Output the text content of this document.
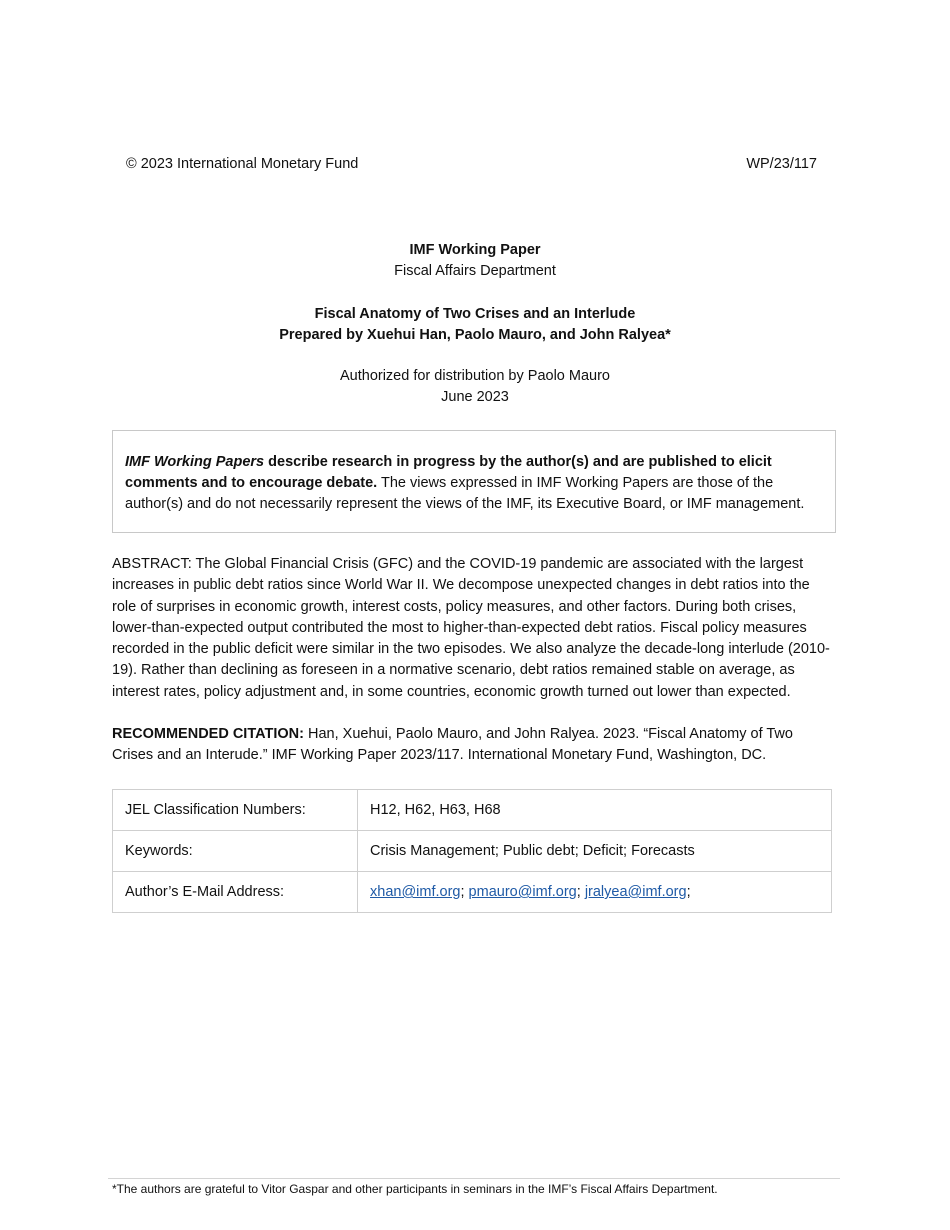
© 2023 International Monetary Fund	WP/23/117
IMF Working Paper
Fiscal Affairs Department
Fiscal Anatomy of Two Crises and an Interlude
Prepared by Xuehui Han, Paolo Mauro, and John Ralyea*
Authorized for distribution by Paolo Mauro
June 2023
IMF Working Papers describe research in progress by the author(s) and are published to elicit comments and to encourage debate. The views expressed in IMF Working Papers are those of the author(s) and do not necessarily represent the views of the IMF, its Executive Board, or IMF management.
ABSTRACT: The Global Financial Crisis (GFC) and the COVID-19 pandemic are associated with the largest increases in public debt ratios since World War II. We decompose unexpected changes in debt ratios into the role of surprises in economic growth, interest costs, policy measures, and other factors. During both crises, lower-than-expected output contributed the most to higher-than-expected debt ratios. Fiscal policy measures recorded in the public deficit were similar in the two episodes. We also analyze the decade-long interlude (2010-19). Rather than declining as foreseen in a normative scenario, debt ratios remained stable on average, as interest rates, policy adjustment and, in some countries, economic growth turned out lower than expected.
RECOMMENDED CITATION: Han, Xuehui, Paolo Mauro, and John Ralyea. 2023. “Fiscal Anatomy of Two Crises and an Interude.” IMF Working Paper 2023/117. International Monetary Fund, Washington, DC.
JEL Classification Numbers:	H12, H62, H63, H68
Keywords:	Crisis Management; Public debt; Deficit; Forecasts
Author’s E-Mail Address:	xhan@imf.org; pmauro@imf.org; jralyea@imf.org;
*The authors are grateful to Vitor Gaspar and other participants in seminars in the IMF’s Fiscal Affairs Department.
